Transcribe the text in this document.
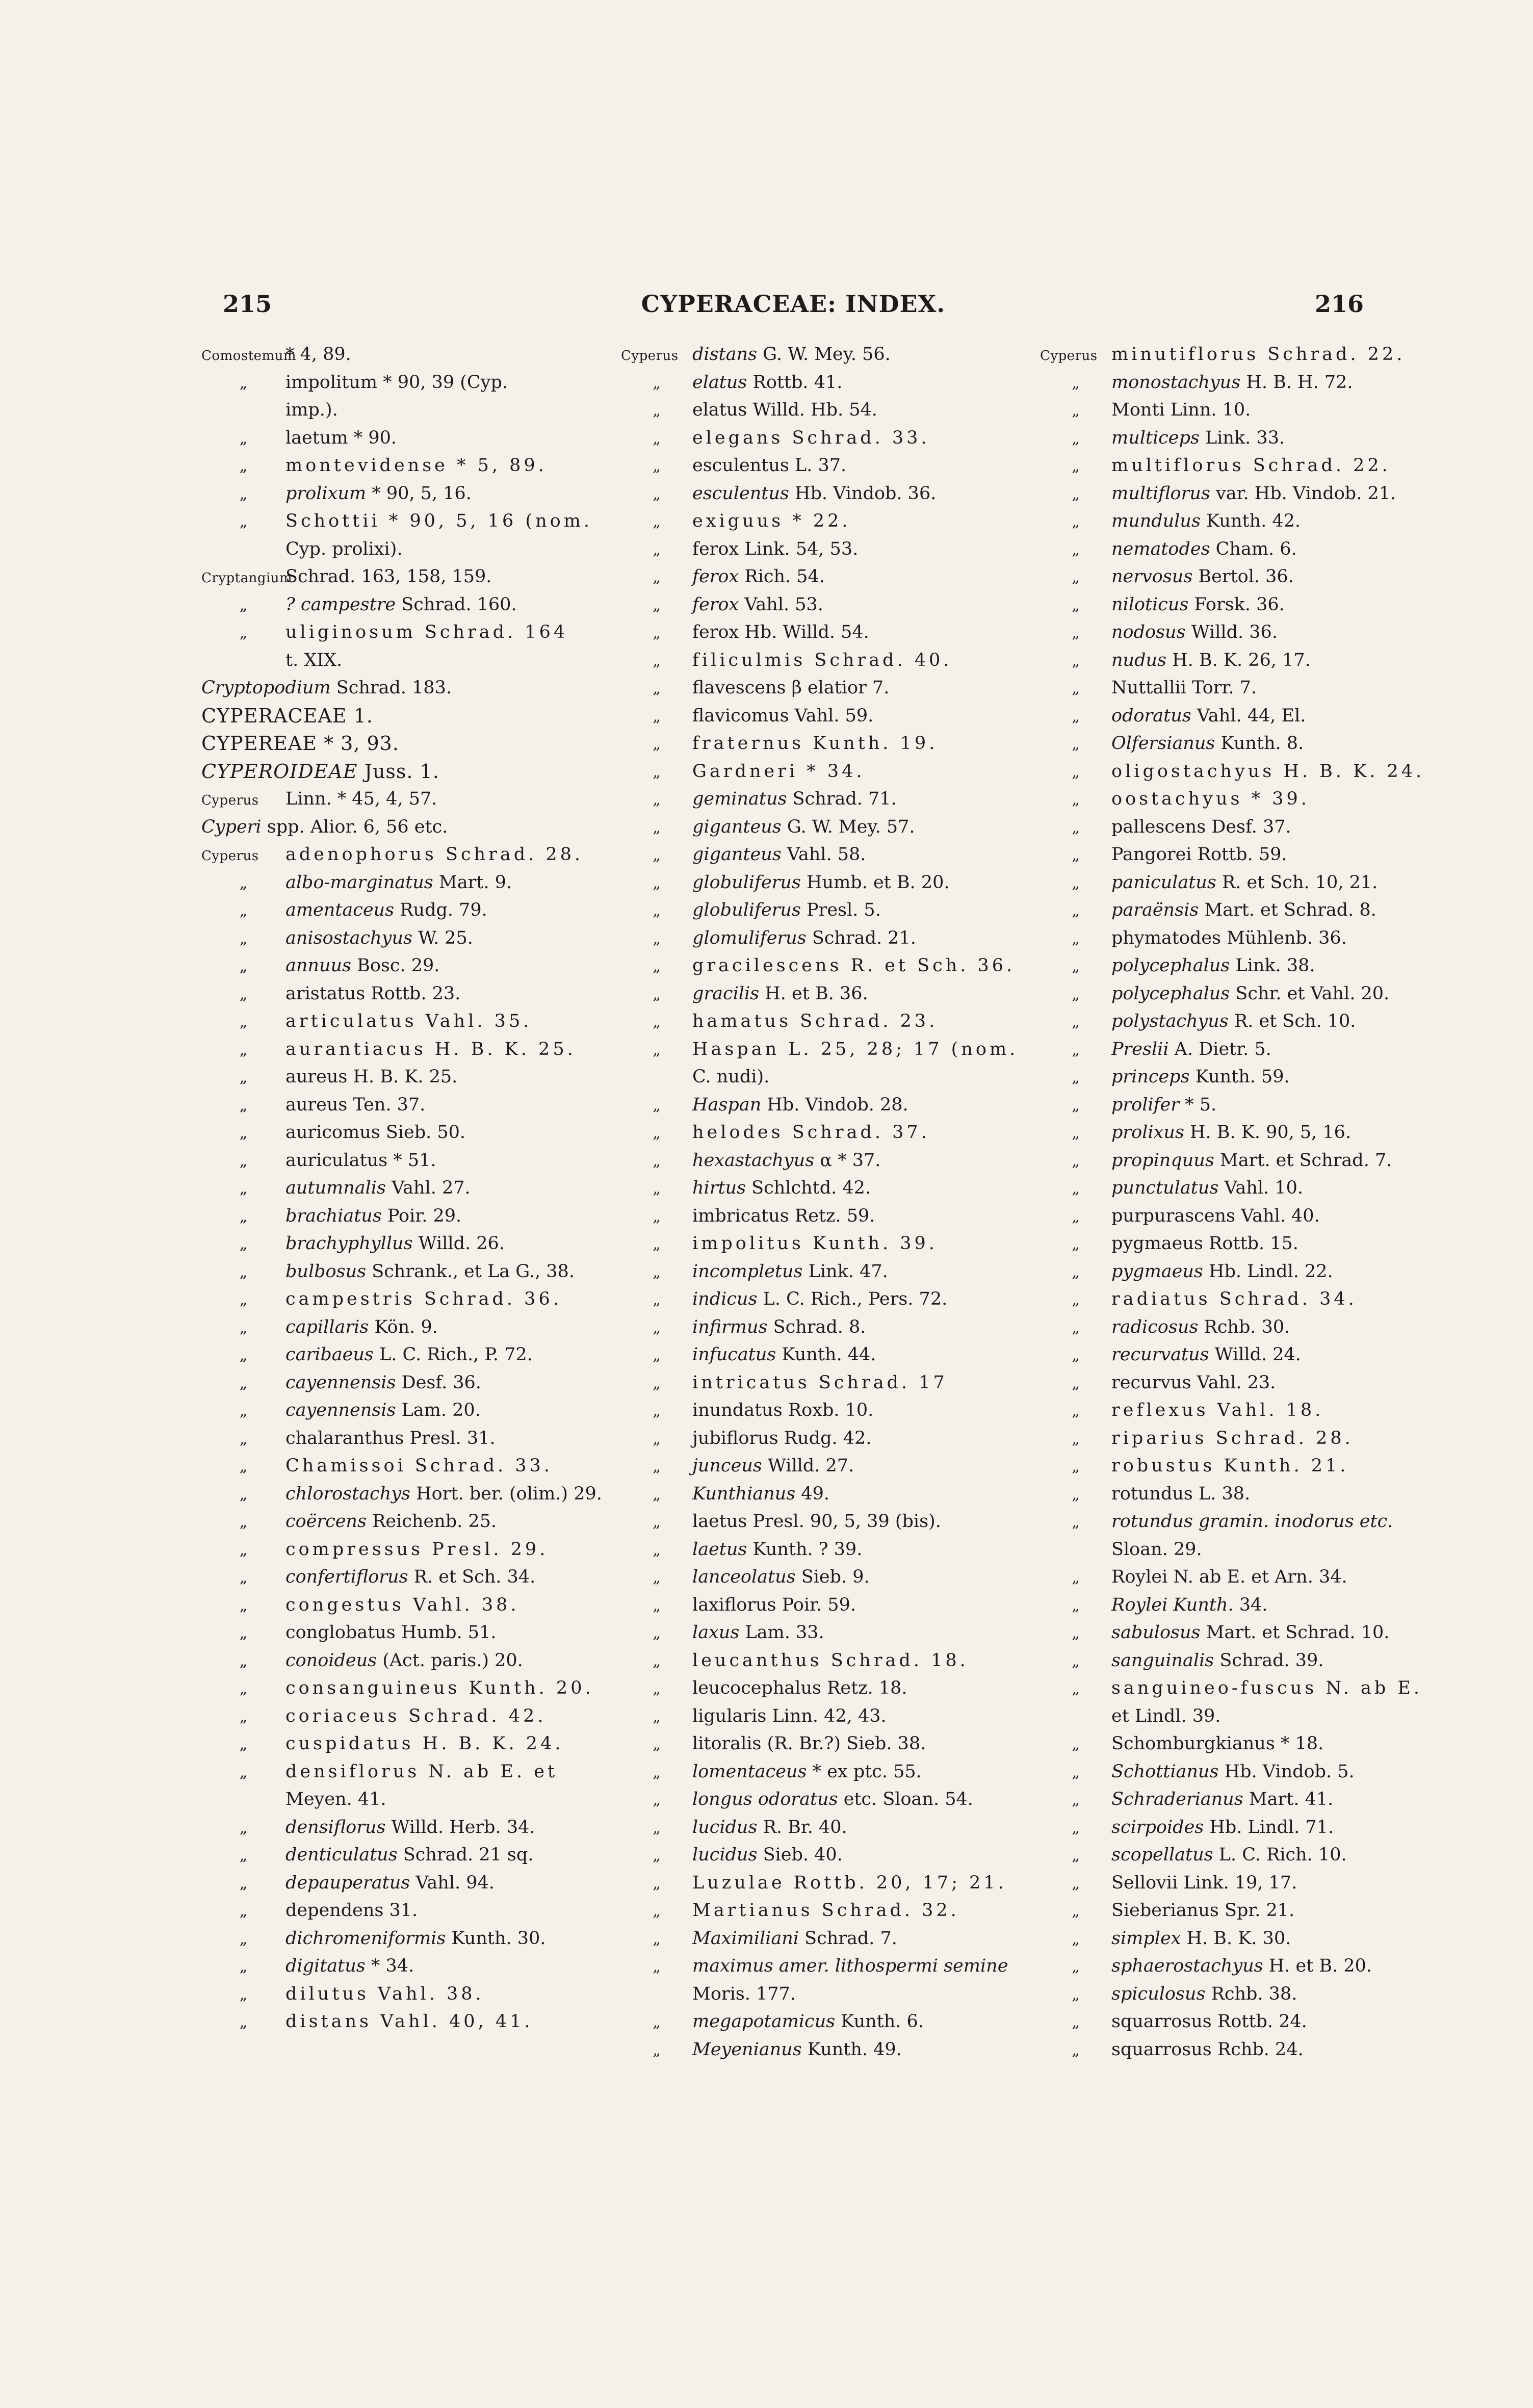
215	CYPERACEAE: INDEX.	216
Comostemum* 4, 89.
„ impolitum * 90, 39 (Cyp.
imp.).
„ laetum * 90.
„ montevidense * 5, 89.
„ prolixum * 90, 5, 16.
„ Schottii * 90, 5, 16 (nom.
Cyp. prolixi).
CryptangiumSchrad. 163, 158, 159.
„ ? campestre Schrad. 160.
„ uliginosum Schrad. 164
t. XIX.
Cryptopodium Schrad. 183.
CYPERACEAE 1.
CYPEREAE * 3, 93.
CYPEROIDEAE Juss. 1.
Cyperus Linn. * 45, 4, 57.
Cyperi spp. Alior. 6, 56 etc.
Cyperus adenophorus Schrad. 28.
„ albo-marginatus Mart. 9.
„ amentaceus Rudg. 79.
„ anisostachyus W. 25.
„ annuus Bosc. 29.
„ aristatus Rottb. 23.
„ articulatus Vahl. 35.
„ aurantiacus H. B. K. 25.
„ aureus H. B. K. 25.
„ aureus Ten. 37.
„ auricomus Sieb. 50.
„ auriculatus * 51.
„ autumnalis Vahl. 27.
„ brachiatus Poir. 29.
„ brachyphyllus Willd. 26.
„ bulbosus Schrank., et La G., 38.
„ campestris Schrad. 36.
„ capillaris Kön. 9.
„ caribaeus L. C. Rich., P. 72.
„ cayennensis Desf. 36.
„ cayennensis Lam. 20.
„ chalaranthus Presl. 31.
„ Chamissoi Schrad. 33.
„ chlorostachys Hort. ber. (olim.) 29.
„ coërcens Reichenb. 25.
„ compressus Presl. 29.
„ confertiflorus R. et Sch. 34.
„ congestus Vahl. 38.
„ conglobatus Humb. 51.
„ conoideus (Act. paris.) 20.
„ consanguineus Kunth. 20.
„ coriaceus Schrad. 42.
„ cuspidatus H. B. K. 24.
„ densiflorus N. ab E. et
Meyen. 41.
„ densiflorus Willd. Herb. 34.
„ denticulatus Schrad. 21 sq.
„ depauperatus Vahl. 94.
„ dependens 31.
„ dichromeniformis Kunth. 30.
„ digitatus * 34.
„ dilutus Vahl. 38.
„ distans Vahl. 40, 41.
Cyperus distans G. W. Mey. 56.
„ elatus Rottb. 41.
„ elatus Willd. Hb. 54.
„ elegans Schrad. 33.
„ esculentus L. 37.
„ esculentus Hb. Vindob. 36.
„ exiguus * 22.
„ ferox Link. 54, 53.
„ ferox Rich. 54.
„ ferox Vahl. 53.
„ ferox Hb. Willd. 54.
„ filiculmis Schrad. 40.
„ flavescens β elatior 7.
„ flavicomus Vahl. 59.
„ fraternus Kunth. 19.
„ Gardneri * 34.
„ geminatus Schrad. 71.
„ giganteus G. W. Mey. 57.
„ giganteus Vahl. 58.
„ globuliferus Humb. et B. 20.
„ globuliferus Presl. 5.
„ glomuliferus Schrad. 21.
„ gracilescens R. et Sch. 36.
„ gracilis H. et B. 36.
„ hamatus Schrad. 23.
„ Haspan L. 25, 28; 17 (nom.
C. nudi).
„ Haspan Hb. Vindob. 28.
„ helodes Schrad. 37.
„ hexastachyus α * 37.
„ hirtus Schlchtd. 42.
„ imbricatus Retz. 59.
„ impolitus Kunth. 39.
„ incompletus Link. 47.
„ indicus L. C. Rich., Pers. 72.
„ infirmus Schrad. 8.
„ infucatus Kunth. 44.
„ intricatus Schrad. 17
„ inundatus Roxb. 10.
„ jubiflorus Rudg. 42.
„ junceus Willd. 27.
„ Kunthianus 49.
„ laetus Presl. 90, 5, 39 (bis).
„ laetus Kunth. ? 39.
„ lanceolatus Sieb. 9.
„ laxiflorus Poir. 59.
„ laxus Lam. 33.
„ leucanthus Schrad. 18.
„ leucocephalus Retz. 18.
„ ligularis Linn. 42, 43.
„ litoralis (R. Br.?) Sieb. 38.
„ lomentaceus * ex ptc. 55.
„ longus odoratus etc. Sloan. 54.
„ lucidus R. Br. 40.
„ lucidus Sieb. 40.
„ Luzulae Rottb. 20, 17; 21.
„ Martianus Schrad. 32.
„ Maximiliani Schrad. 7.
„ maximus amer. lithospermi semine
Moris. 177.
„ megapotamicus Kunth. 6.
„ Meyenianus Kunth. 49.
Cyperus minutiflorus Schrad. 22.
„ monostachyus H. B. H. 72.
„ Monti Linn. 10.
„ multiceps Link. 33.
„ multiflorus Schrad. 22.
„ multiflorus var. Hb. Vindob. 21.
„ mundulus Kunth. 42.
„ nematodes Cham. 6.
„ nervosus Bertol. 36.
„ niloticus Forsk. 36.
„ nodosus Willd. 36.
„ nudus H. B. K. 26, 17.
„ Nuttallii Torr. 7.
„ odoratus Vahl. 44, El.
„ Olfersianus Kunth. 8.
„ oligostachyus H. B. K. 24.
„ oostachyus * 39.
„ pallescens Desf. 37.
„ Pangorei Rottb. 59.
„ paniculatus R. et Sch. 10, 21.
„ paraënsis Mart. et Schrad. 8.
„ phymatodes Mühlenb. 36.
„ polycephalus Link. 38.
„ polycephalus Schr. et Vahl. 20.
„ polystachyus R. et Sch. 10.
„ Preslii A. Dietr. 5.
„ princeps Kunth. 59.
„ prolifer * 5.
„ prolixus H. B. K. 90, 5, 16.
„ propinquus Mart. et Schrad. 7.
„ punctulatus Vahl. 10.
„ purpurascens Vahl. 40.
„ pygmaeus Rottb. 15.
„ pygmaeus Hb. Lindl. 22.
„ radiatus Schrad. 34.
„ radicosus Rchb. 30.
„ recurvatus Willd. 24.
„ recurvus Vahl. 23.
„ reflexus Vahl. 18.
„ riparius Schrad. 28.
„ robustus Kunth. 21.
„ rotundus L. 38.
„ rotundus gramin. inodorus etc.
Sloan. 29.
„ Roylei N. ab E. et Arn. 34.
„ Roylei Kunth. 34.
„ sabulosus Mart. et Schrad. 10.
„ sanguinalis Schrad. 39.
„ sanguineo-fuscus N. ab E.
et Lindl. 39.
„ Schomburgkianus * 18.
„ Schottianus Hb. Vindob. 5.
„ Schraderianus Mart. 41.
„ scirpoides Hb. Lindl. 71.
„ scopellatus L. C. Rich. 10.
„ Sellovii Link. 19, 17.
„ Sieberianus Spr. 21.
„ simplex H. B. K. 30.
„ sphaerostachyus H. et B. 20.
„ spiculosus Rchb. 38.
„ squarrosus Rottb. 24.
„ squarrosus Rchb. 24.
